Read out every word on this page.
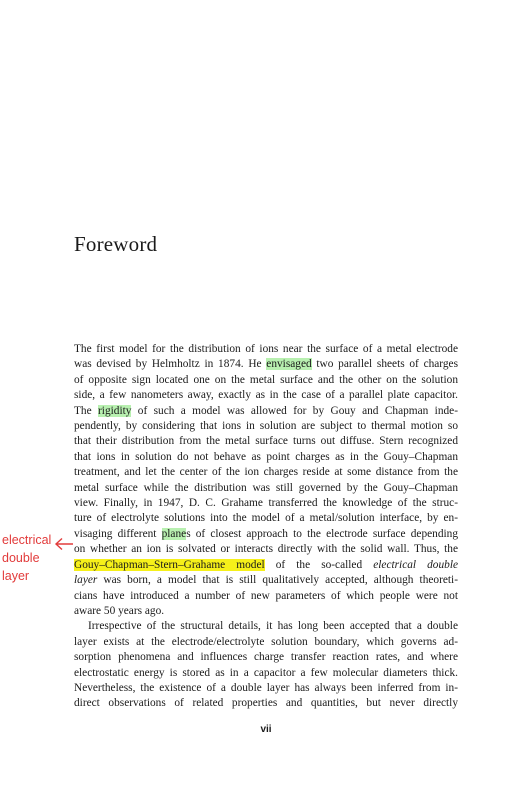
Foreword
The first model for the distribution of ions near the surface of a metal electrode
was devised by Helmholtz in 1874. He envisaged two parallel sheets of charges
of opposite sign located one on the metal surface and the other on the solution
side, a few nanometers away, exactly as in the case of a parallel plate capacitor.
The rigidity of such a model was allowed for by Gouy and Chapman inde-
pendently, by considering that ions in solution are subject to thermal motion so
that their distribution from the metal surface turns out diffuse. Stern recognized
that ions in solution do not behave as point charges as in the Gouy–Chapman
treatment, and let the center of the ion charges reside at some distance from the
metal surface while the distribution was still governed by the Gouy–Chapman
view. Finally, in 1947, D. C. Grahame transferred the knowledge of the struc-
ture of electrolyte solutions into the model of a metal/solution interface, by en-
visaging different planes of closest approach to the electrode surface depending
on whether an ion is solvated or interacts directly with the solid wall. Thus, the
Gouy–Chapman–Stern–Grahame model of the so-called electrical double
layer was born, a model that is still qualitatively accepted, although theoreti-
cians have introduced a number of new parameters of which people were not
aware 50 years ago.
Irrespective of the structural details, it has long been accepted that a double
layer exists at the electrode/electrolyte solution boundary, which governs ad-
sorption phenomena and influences charge transfer reaction rates, and where
electrostatic energy is stored as in a capacitor a few molecular diameters thick.
Nevertheless, the existence of a double layer has always been inferred from in-
direct observations of related properties and quantities, but never directly
electrical
double
layer
vii
